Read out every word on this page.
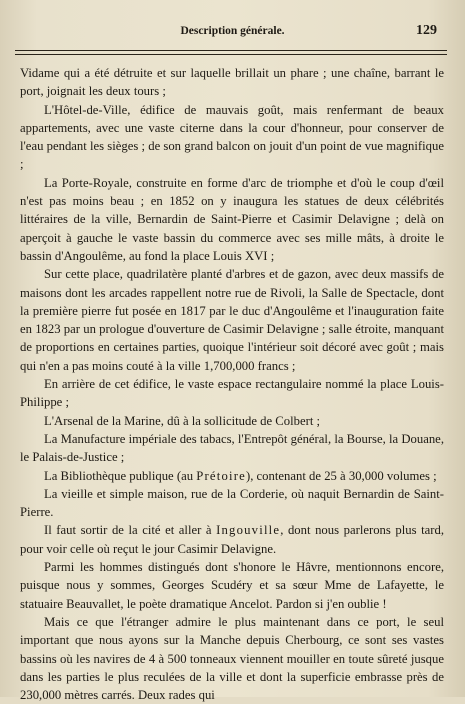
Description générale.	129

Vidame qui a été détruite et sur laquelle brillait un phare ; une chaîne, barrant le port, joignait les deux tours ;

L'Hôtel-de-Ville, édifice de mauvais goût, mais renfermant de beaux appartements, avec une vaste citerne dans la cour d'honneur, pour conserver de l'eau pendant les sièges ; de son grand balcon on jouit d'un point de vue magnifique ;

La Porte-Royale, construite en forme d'arc de triomphe et d'où le coup d'œil n'est pas moins beau ; en 1852 on y inaugura les statues de deux célébrités littéraires de la ville, Bernardin de Saint-Pierre et Casimir Delavigne ; delà on aperçoit à gauche le vaste bassin du commerce avec ses mille mâts, à droite le bassin d'Angoulême, au fond la place Louis XVI ;

Sur cette place, quadrilatère planté d'arbres et de gazon, avec deux massifs de maisons dont les arcades rappellent notre rue de Rivoli, la Salle de Spectacle, dont la première pierre fut posée en 1817 par le duc d'Angoulême et l'inauguration faite en 1823 par un prologue d'ouverture de Casimir Delavigne ; salle étroite, manquant de proportions en certaines parties, quoique l'intérieur soit décoré avec goût ; mais qui n'en a pas moins couté à la ville 1,700,000 francs ;

En arrière de cet édifice, le vaste espace rectangulaire nommé la place Louis-Philippe ;

L'Arsenal de la Marine, dû à la sollicitude de Colbert ;

La Manufacture impériale des tabacs, l'Entrepôt général, la Bourse, la Douane, le Palais-de-Justice ;

La Bibliothèque publique (au Prétoire), contenant de 25 à 30,000 volumes ;

La vieille et simple maison, rue de la Corderie, où naquit Bernardin de Saint-Pierre.

Il faut sortir de la cité et aller à Ingouville, dont nous parlerons plus tard, pour voir celle où reçut le jour Casimir Delavigne.

Parmi les hommes distingués dont s'honore le Hâvre, mentionnons encore, puisque nous y sommes, Georges Scudéry et sa sœur Mme de Lafayette, le statuaire Beauvallet, le poète dramatique Ancelot. Pardon si j'en oublie !

Mais ce que l'étranger admire le plus maintenant dans ce port, le seul important que nous ayons sur la Manche depuis Cherbourg, ce sont ses vastes bassins où les navires de 4 à 500 tonneaux viennent mouiller en toute sûreté jusque dans les parties le plus reculées de la ville et dont la superficie embrasse près de 230,000 mètres carrés. Deux rades qui
